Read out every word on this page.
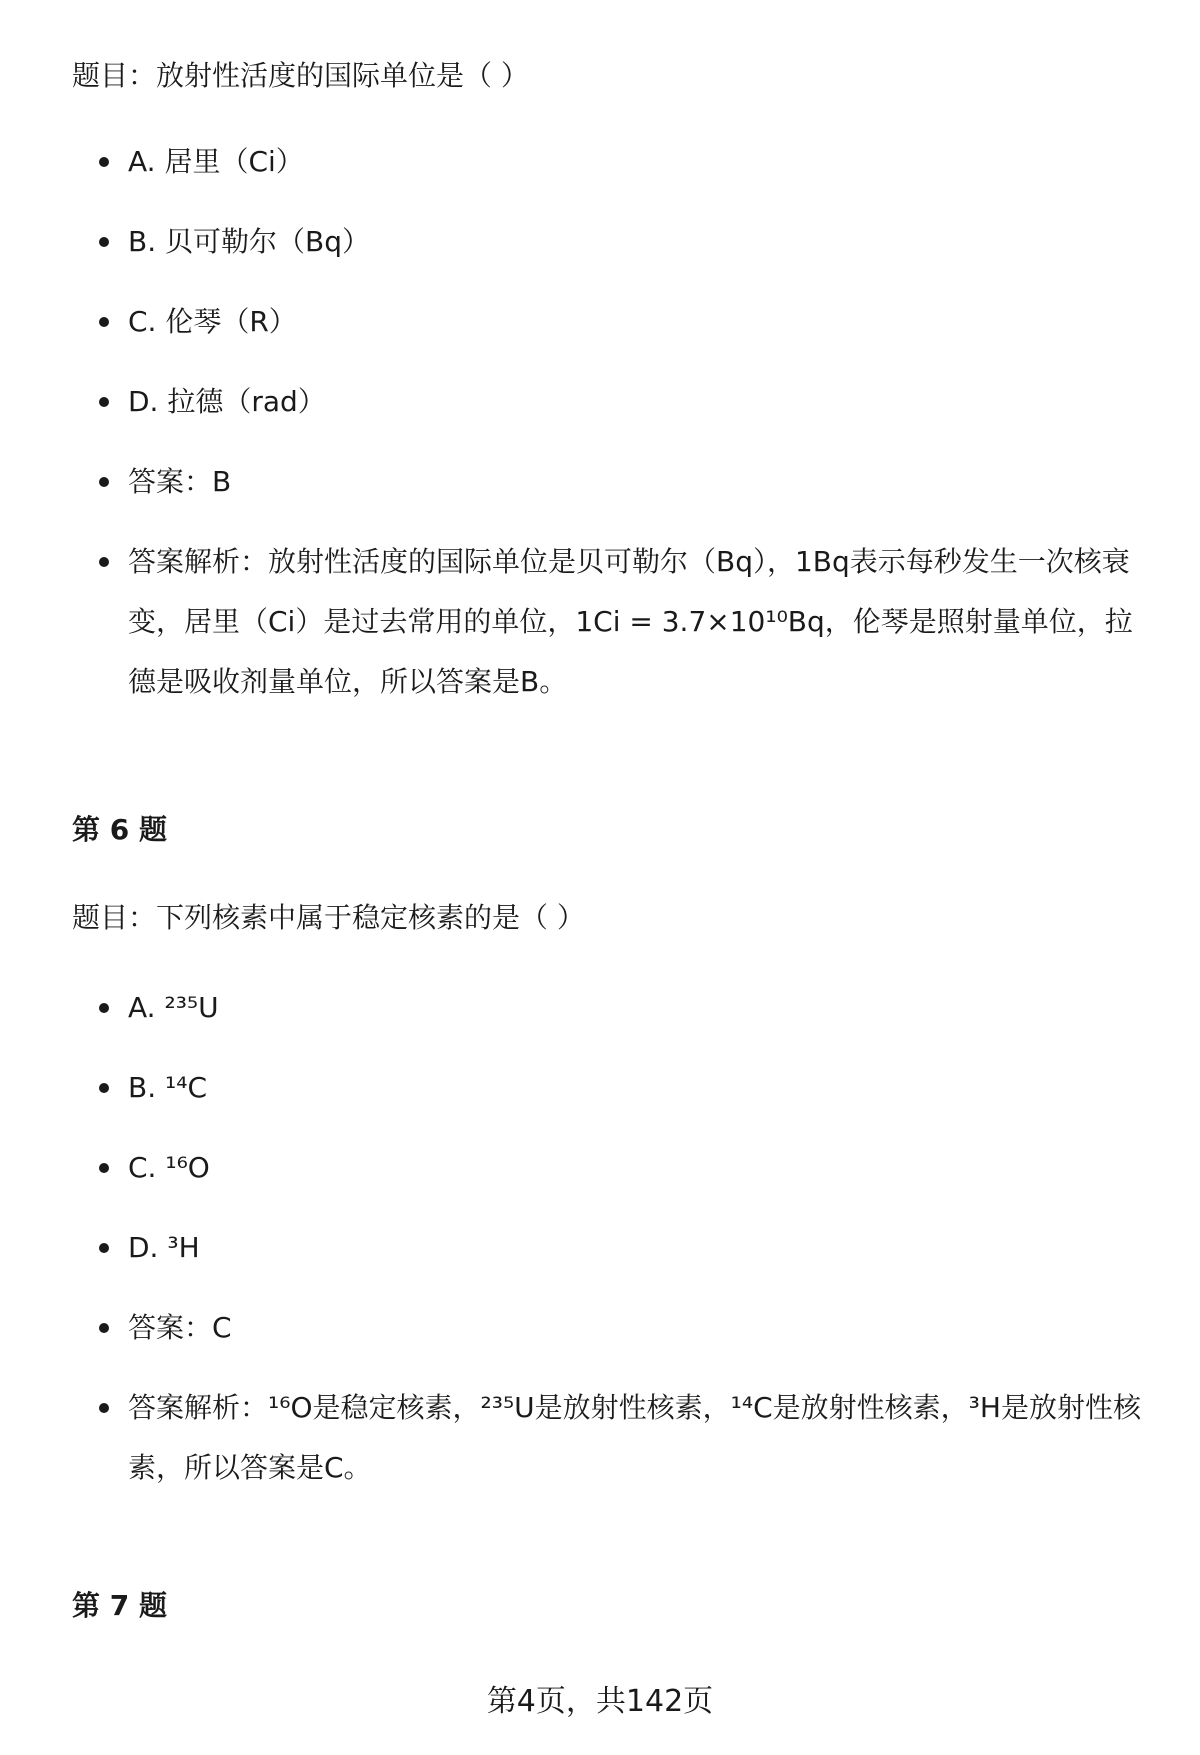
题目：放射性活度的国际单位是（ ）
A. 居里（Ci）
B. 贝可勒尔（Bq）
C. 伦琴（R）
D. 拉德（rad）
答案：B
答案解析：放射性活度的国际单位是贝可勒尔（Bq），1Bq表示每秒发生一次核衰变，居里（Ci）是过去常用的单位，1Ci = 3.7×10¹⁰Bq，伦琴是照射量单位，拉德是吸收剂量单位，所以答案是B。
第 6 题
题目：下列核素中属于稳定核素的是（ ）
A. ²³⁵U
B. ¹⁴C
C. ¹⁶O
D. ³H
答案：C
答案解析：¹⁶O是稳定核素，²³⁵U是放射性核素，¹⁴C是放射性核素，³H是放射性核素，所以答案是C。
第 7 题
第4页，共142页
